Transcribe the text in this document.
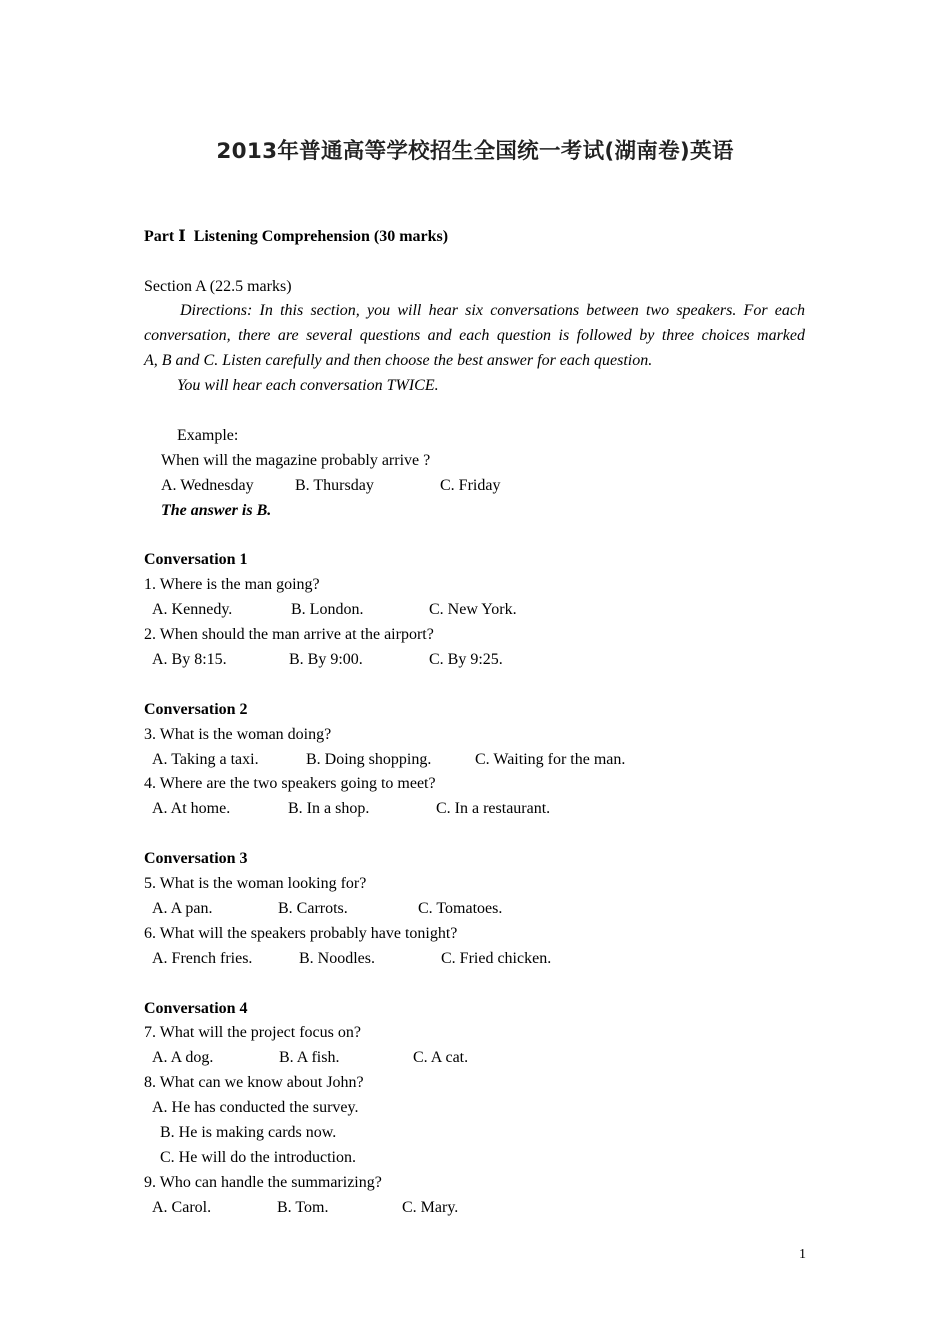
2013年普通高等学校招生全国统一考试(湖南卷)英语
Part Ⅰ  Listening Comprehension (30 marks)
Section A (22.5 marks)
Directions: In this section, you will hear six conversations between two speakers. For each
conversation, there are several questions and each question is followed by three choices marked
A, B and C. Listen carefully and then choose the best answer for each question.
You will hear each conversation TWICE.
Example:
When will the magazine probably arrive ?
A. Wednesday	B. Thursday	C. Friday
The answer is B.
Conversation 1
1. Where is the man going?
A. Kennedy.	B. London.	C. New York.
2. When should the man arrive at the airport?
A. By 8:15.	B. By 9:00.	C. By 9:25.
Conversation 2
3. What is the woman doing?
A. Taking a taxi.	B. Doing shopping.	C. Waiting for the man.
4. Where are the two speakers going to meet?
A. At home.	B. In a shop.	C. In a restaurant.
Conversation 3
5. What is the woman looking for?
A. A pan.	B. Carrots.	C. Tomatoes.
6. What will the speakers probably have tonight?
A. French fries.	B. Noodles.	C. Fried chicken.
Conversation 4
7. What will the project focus on?
A. A dog.	B. A fish.	C. A cat.
8. What can we know about John?
A. He has conducted the survey.
B. He is making cards now.
C. He will do the introduction.
9. Who can handle the summarizing?
A. Carol.	B. Tom.	C. Mary.
1
